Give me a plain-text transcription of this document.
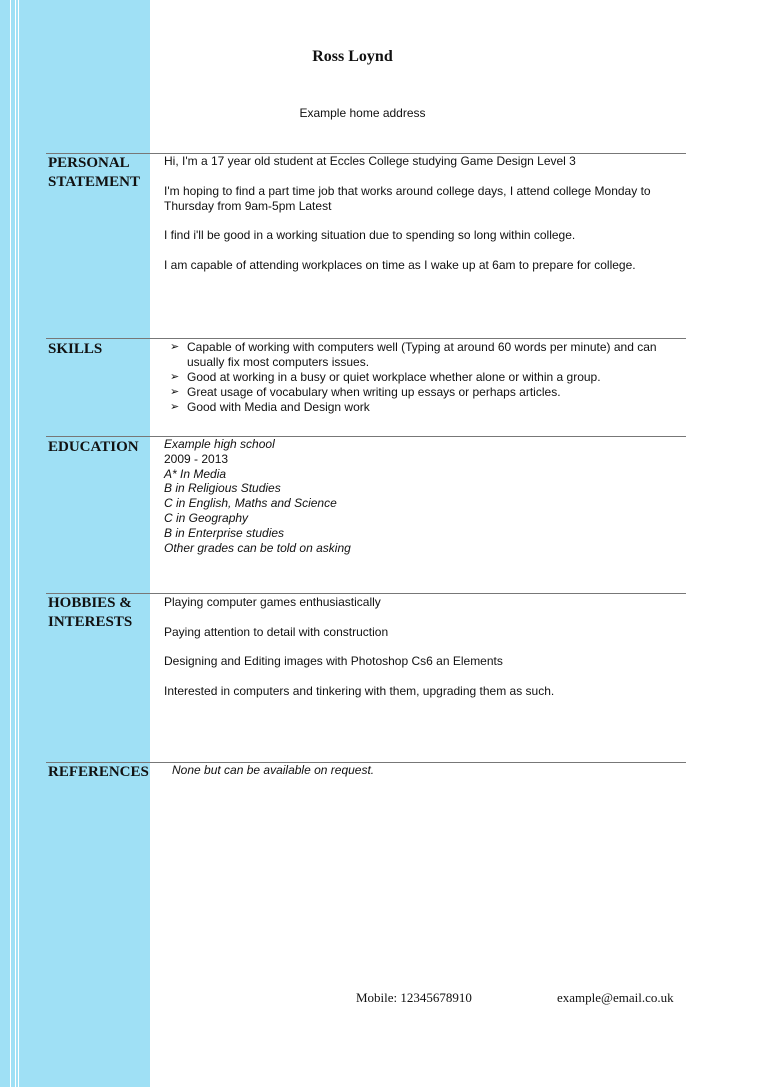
Ross Loynd
Example home address
PERSONAL
STATEMENT

Hi, I'm a 17 year old student at Eccles College studying Game Design Level 3

I'm hoping to find a part time job that works around college days, I attend college Monday to Thursday from 9am-5pm Latest

I find i'll be good in a working situation due to spending so long within college.

I am capable of attending workplaces on time as I wake up at 6am to prepare for college.

SKILLS	➢ Capable of working with computers well (Typing at around 60 words per minute) and can usually fix most computers issues.
➢ Good at working in a busy or quiet workplace whether alone or within a group.
➢ Great usage of vocabulary when writing up essays or perhaps articles.
➢ Good with Media and Design work
EDUCATION	Example high school
2009 - 2013
A* In Media
B in Religious Studies
C in English, Maths and Science
C in Geography
B in Enterprise studies
Other grades can be told on asking
HOBBIES &
INTERESTS

Playing computer games enthusiastically

Paying attention to detail with construction

Designing and Editing images with Photoshop Cs6 an Elements

Interested in computers and tinkering with them, upgrading them as such.

REFERENCES	None but can be available on request.
Mobile: 12345678910	example@email.co.uk
